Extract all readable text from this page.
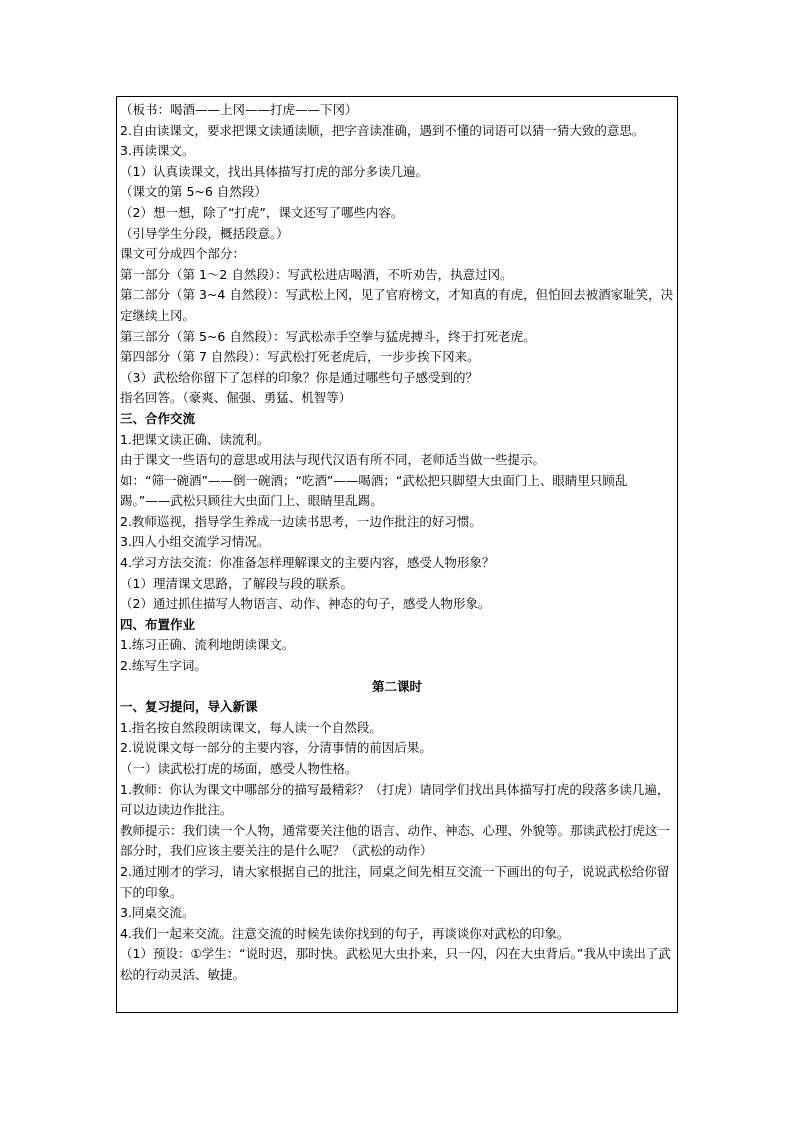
（板书：喝酒——上冈——打虎——下冈）

2.自由读课文，要求把课文读通读顺，把字音读准确，遇到不懂的词语可以猜一猜大致的意思。

3.再读课文。

（1）认真读课文，找出具体描写打虎的部分多读几遍。

（课文的第 5~6 自然段）

（2）想一想，除了“打虎”，课文还写了哪些内容。

（引导学生分段，概括段意。）

课文可分成四个部分：

第一部分（第 1～2 自然段）：写武松进店喝酒，不听劝告，执意过冈。

第二部分（第 3~4 自然段）：写武松上冈，见了官府榜文，才知真的有虎，但怕回去被酒家耻笑，决定继续上冈。

第三部分（第 5~6 自然段）：写武松赤手空拳与猛虎搏斗，终于打死老虎。

第四部分（第 7 自然段）：写武松打死老虎后，一步步挨下冈来。

（3）武松给你留下了怎样的印象？你是通过哪些句子感受到的？

指名回答。（豪爽、倔强、勇猛、机智等）

三、合作交流

1.把课文读正确、读流利。

由于课文一些语句的意思或用法与现代汉语有所不同，老师适当做一些提示。

如：“筛一碗酒”——倒一碗酒；“吃酒”——喝酒；“武松把只脚望大虫面门上、眼睛里只顾乱踢。”——武松只顾往大虫面门上、眼睛里乱踢。

2.教师巡视，指导学生养成一边读书思考，一边作批注的好习惯。

3.四人小组交流学习情况。

4.学习方法交流：你准备怎样理解课文的主要内容，感受人物形象？

（1）理清课文思路，了解段与段的联系。

（2）通过抓住描写人物语言、动作、神态的句子，感受人物形象。

四、布置作业

1.练习正确、流利地朗读课文。

2.练写生字词。

第二课时

一、复习提问，导入新课

1.指名按自然段朗读课文，每人读一个自然段。

2.说说课文每一部分的主要内容，分清事情的前因后果。

（一）读武松打虎的场面，感受人物性格。

1.教师：你认为课文中哪部分的描写最精彩？（打虎）请同学们找出具体描写打虎的段落多读几遍，可以边读边作批注。

教师提示：我们读一个人物，通常要关注他的语言、动作、神态、心理、外貌等。那读武松打虎这一部分时，我们应该主要关注的是什么呢？（武松的动作）

2.通过刚才的学习，请大家根据自己的批注，同桌之间先相互交流一下画出的句子，说说武松给你留下的印象。

3.同桌交流。

4.我们一起来交流。注意交流的时候先读你找到的句子，再谈谈你对武松的印象。

（1）预设：①学生：“说时迟，那时快。武松见大虫扑来，只一闪，闪在大虫背后。”我从中读出了武松的行动灵活、敏捷。
